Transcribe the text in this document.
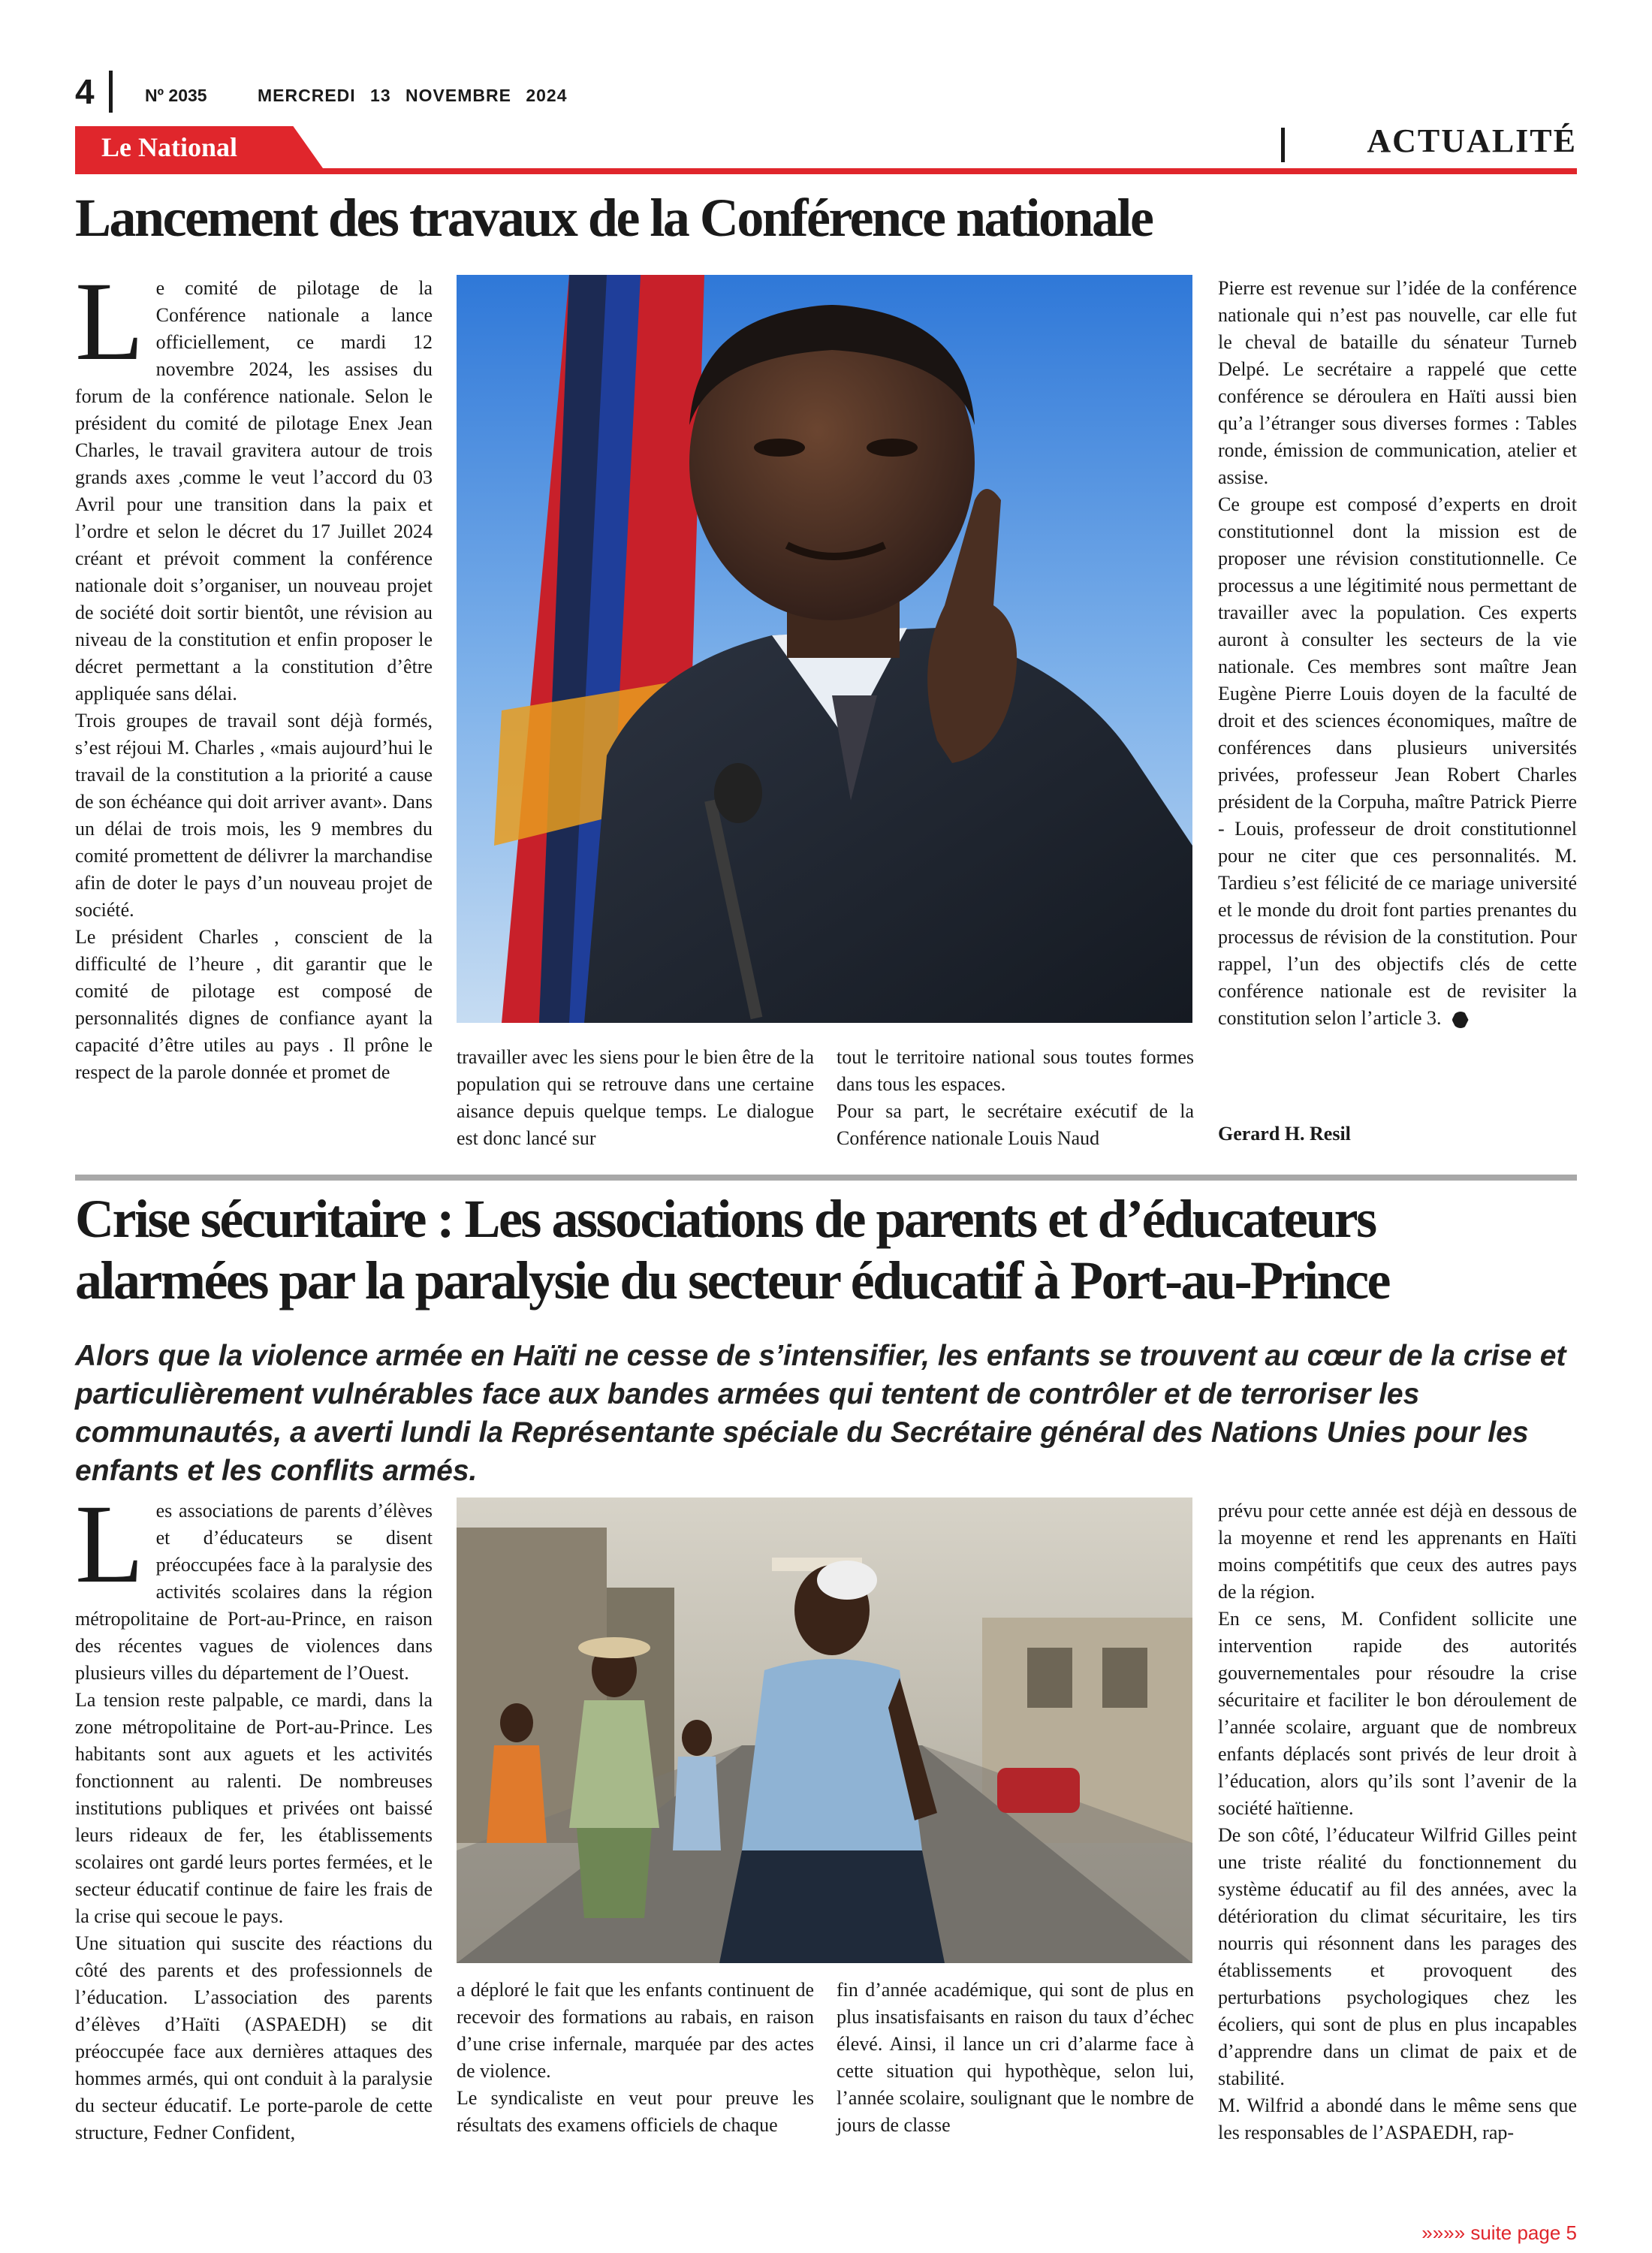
4	Nº 2035	MERCREDI 13 NOVEMBRE 2024
Le National	ACTUALITÉ
Lancement des travaux de la Conférence nationale
L e comité de pilotage de la Conférence nationale a lance officiellement, ce mardi 12 novembre 2024, les assises du forum de la conférence nationale. Selon le président du comité de pilotage Enex Jean Charles, le travail gravitera autour de trois grands axes ,comme le veut l’accord du 03 Avril pour une transition dans la paix et l’ordre et selon le décret du 17 Juillet 2024 créant et prévoit comment la conférence nationale doit s’organiser, un nouveau projet de société doit sortir bientôt, une révision au niveau de la constitution et enfin proposer le décret permettant a la constitution d’être appliquée sans délai.

Trois groupes de travail sont déjà formés, s’est réjoui M. Charles , «mais aujourd’hui le travail de la constitution a la priorité a cause de son échéance qui doit arriver avant». Dans un délai de trois mois, les 9 membres du comité promettent de délivrer la marchandise afin de doter le pays d’un nouveau projet de société.

Le président Charles , conscient de la difficulté de l’heure , dit garantir que le comité de pilotage est composé de personnalités dignes de confiance ayant la capacité d’être utiles au pays . Il prône le respect de la parole donnée et promet de

travailler avec les siens pour le bien être de la population qui se retrouve dans une certaine aisance depuis quelque temps. Le dialogue est donc lancé sur

tout le territoire national sous toutes formes dans tous les espaces.

Pour sa part, le secrétaire exécutif de la Conférence nationale Louis Naud

Pierre est revenue sur l’idée de la conférence nationale qui n’est pas nouvelle, car elle fut le cheval de bataille du sénateur Turneb Delpé. Le secrétaire a rappelé que cette conférence se déroulera en Haïti aussi bien qu’a l’étranger sous diverses formes : Tables ronde, émission de communication, atelier et assise.

Ce groupe est composé d’experts en droit constitutionnel dont la mission est de proposer une révision constitutionnelle. Ce processus a une légitimité nous permettant de travailler avec la population. Ces experts auront à consulter les secteurs de la vie nationale. Ces membres sont maître Jean Eugène Pierre Louis doyen de la faculté de droit et des sciences économiques, maître de conférences dans plusieurs universités privées, professeur Jean Robert Charles président de la Corpuha, maître Patrick Pierre - Louis, professeur de droit constitutionnel pour ne citer que ces personnalités. M. Tardieu s’est félicité de ce mariage université et le monde du droit font parties prenantes du processus de révision de la constitution. Pour rappel, l’un des objectifs clés de cette conférence nationale est de revisiter la constitution selon l’article 3.

Gerard H. Resil
Crise sécuritaire : Les associations de parents et d’éducateurs
alarmées par la paralysie du secteur éducatif à Port-au-Prince
Alors que la violence armée en Haïti ne cesse de s’intensifier, les enfants se trouvent au cœur de la crise et particulièrement vulnérables face aux bandes armées qui tentent de contrôler et de terroriser les communautés, a averti lundi la Représentante spéciale du Secrétaire général des Nations Unies pour les enfants et les conflits armés.
L es associations de parents d’élèves et d’éducateurs se disent préoccupées face à la paralysie des activités scolaires dans la région métropolitaine de Port-au-Prince, en raison des récentes vagues de violences dans plusieurs villes du département de l’Ouest.

La tension reste palpable, ce mardi, dans la zone métropolitaine de Port-au-Prince. Les habitants sont aux aguets et les activités fonctionnent au ralenti. De nombreuses institutions publiques et privées ont baissé leurs rideaux de fer, les établissements scolaires ont gardé leurs portes fermées, et le secteur éducatif continue de faire les frais de la crise qui secoue le pays.

Une situation qui suscite des réactions du côté des parents et des professionnels de l’éducation. L’association des parents d’élèves d’Haïti (ASPAEDH) se dit préoccupée face aux dernières attaques des hommes armés, qui ont conduit à la paralysie du secteur éducatif. Le porte-parole de cette structure, Fedner Confident,

a déploré le fait que les enfants continuent de recevoir des formations au rabais, en raison d’une crise infernale, marquée par des actes de violence.

Le syndicaliste en veut pour preuve les résultats des examens officiels de chaque

fin d’année académique, qui sont de plus en plus insatisfaisants en raison du taux d’échec élevé. Ainsi, il lance un cri d’alarme face à cette situation qui hypothèque, selon lui, l’année scolaire, soulignant que le nombre de jours de classe

prévu pour cette année est déjà en dessous de la moyenne et rend les apprenants en Haïti moins compétitifs que ceux des autres pays de la région.

En ce sens, M. Confident sollicite une intervention rapide des autorités gouvernementales pour résoudre la crise sécuritaire et faciliter le bon déroulement de l’année scolaire, arguant que de nombreux enfants déplacés sont privés de leur droit à l’éducation, alors qu’ils sont l’avenir de la société haïtienne.

De son côté, l’éducateur Wilfrid Gilles peint une triste réalité du fonctionnement du système éducatif au fil des années, avec la détérioration du climat sécuritaire, les tirs nourris qui résonnent dans les parages des établissements et provoquent des perturbations psychologiques chez les écoliers, qui sont de plus en plus incapables d’apprendre dans un climat de paix et de stabilité.

M. Wilfrid a abondé dans le même sens que les responsables de l’ASPAEDH, rap-

»»»» suite page 5
